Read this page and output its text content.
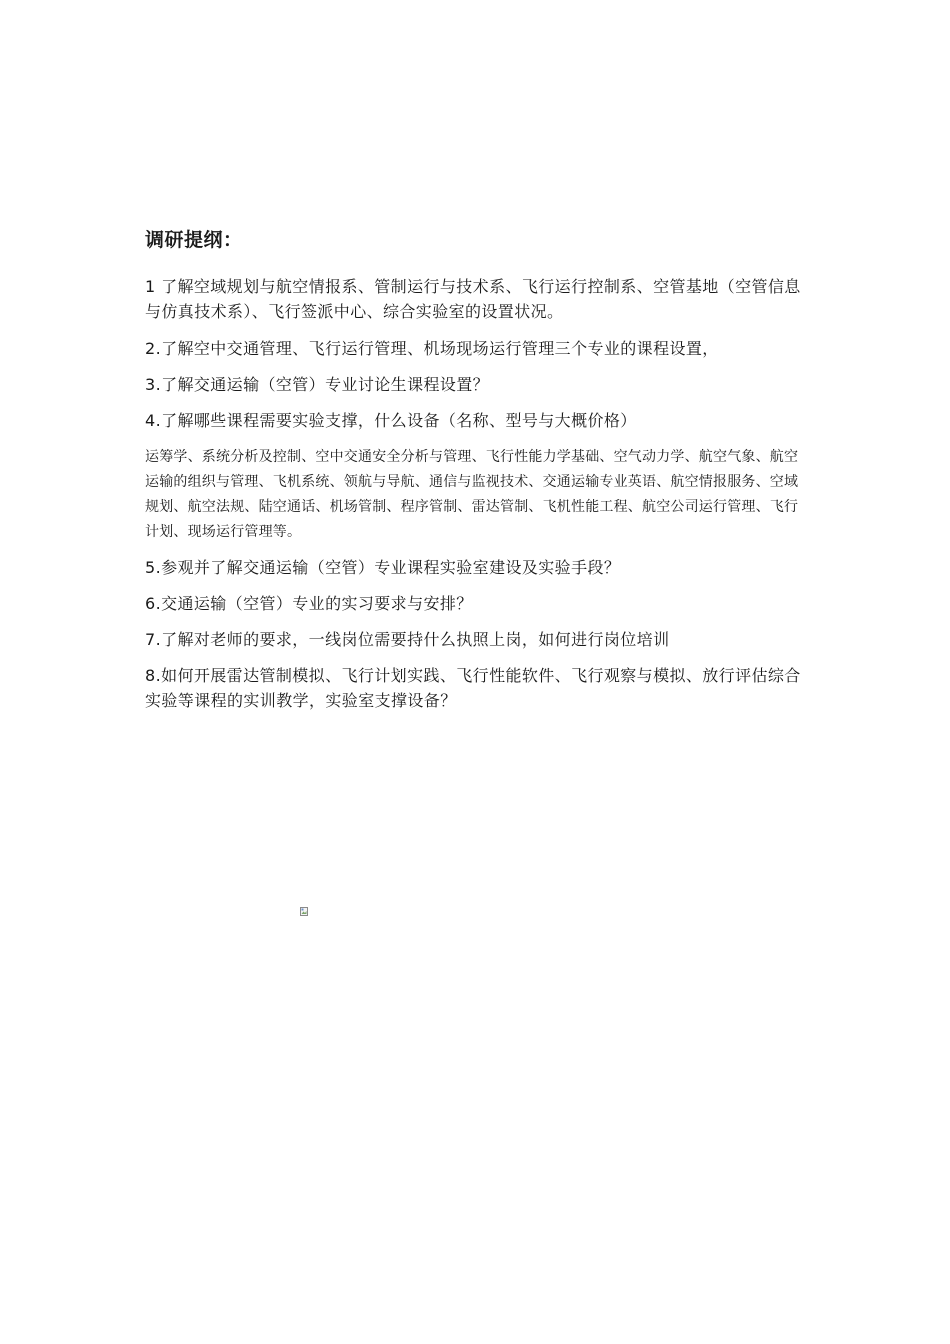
调研提纲：
1 了解空域规划与航空情报系、管制运行与技术系、飞行运行控制系、空管基地（空管信息与仿真技术系）、飞行签派中心、综合实验室的设置状况。
2.了解空中交通管理、飞行运行管理、机场现场运行管理三个专业的课程设置，
3.了解交通运输（空管）专业讨论生课程设置？
4.了解哪些课程需要实验支撑，什么设备（名称、型号与大概价格）
运筹学、系统分析及控制、空中交通安全分析与管理、飞行性能力学基础、空气动力学、航空气象、航空运输的组织与管理、飞机系统、领航与导航、通信与监视技术、交通运输专业英语、航空情报服务、空域规划、航空法规、陆空通话、机场管制、程序管制、雷达管制、飞机性能工程、航空公司运行管理、飞行计划、现场运行管理等。
5.参观并了解交通运输（空管）专业课程实验室建设及实验手段？
6.交通运输（空管）专业的实习要求与安排？
7.了解对老师的要求，一线岗位需要持什么执照上岗，如何进行岗位培训
8.如何开展雷达管制模拟、飞行计划实践、飞行性能软件、飞行观察与模拟、放行评估综合实验等课程的实训教学，实验室支撑设备？
